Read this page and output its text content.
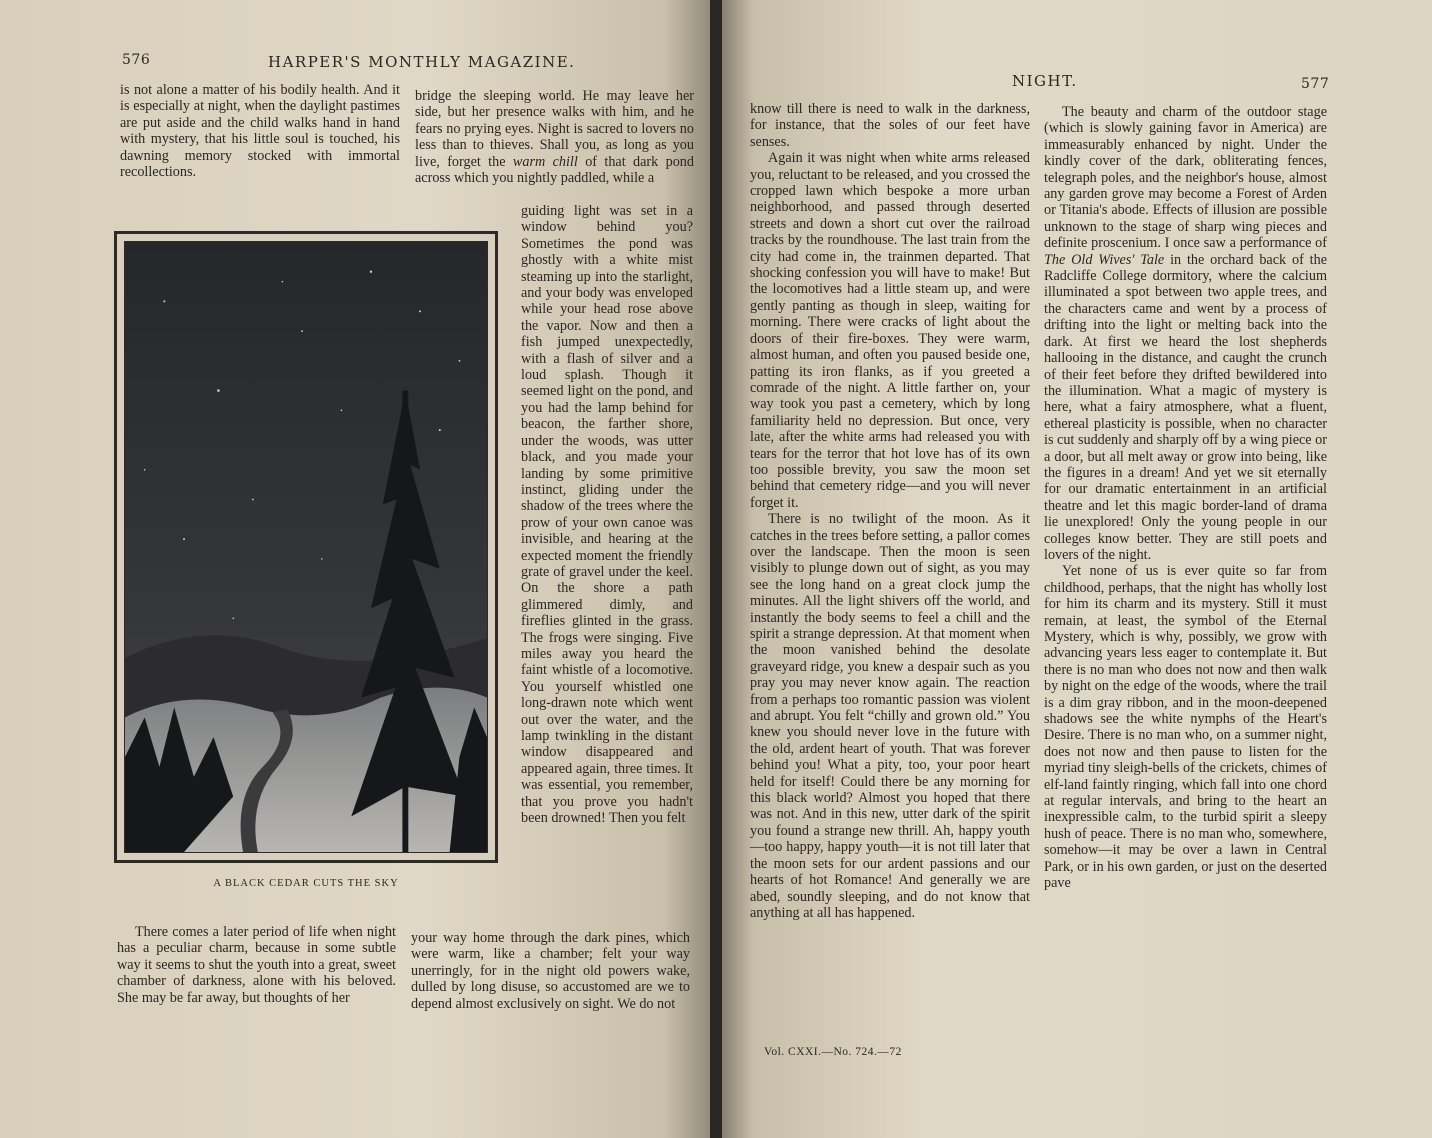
576	HARPER'S MONTHLY MAGAZINE.

is not alone a matter of his bodily health. And it is especially at night, when the daylight pastimes are put aside and the child walks hand in hand with mystery, that his little soul is touched, his dawning memory stocked with immortal recollections.

bridge the sleeping world. He may leave her side, but her presence walks with him, and he fears no prying eyes. Night is sacred to lovers no less than to thieves. Shall you, as long as you live, forget the warm chill of that dark pond across which you nightly paddled, while a

guiding light was set in a window behind you? Sometimes the pond was ghostly with a white mist steaming up into the starlight, and your body was enveloped while your head rose above the vapor. Now and then a fish jumped unexpectedly, with a flash of silver and a loud splash. Though it seemed light on the pond, and you had the lamp behind for beacon, the farther shore, under the woods, was utter black, and you made your landing by some primitive instinct, gliding under the shadow of the trees where the prow of your own canoe was invisible, and hearing at the expected moment the friendly grate of gravel under the keel. On the shore a path glimmered dimly, and fireflies glinted in the grass. The frogs were singing. Five miles away you heard the faint whistle of a locomotive. You yourself whistled one long-drawn note which went out over the water, and the lamp twinkling in the distant window disappeared and appeared again, three times. It was essential, you remember, that you prove you hadn't been drowned! Then you felt

A BLACK CEDAR CUTS THE SKY

There comes a later period of life when night has a peculiar charm, because in some subtle way it seems to shut the youth into a great, sweet chamber of darkness, alone with his beloved. She may be far away, but thoughts of her

your way home through the dark pines, which were warm, like a chamber; felt your way unerringly, for in the night old powers wake, dulled by long disuse, so accustomed are we to depend almost exclusively on sight. We do not

NIGHT.	577

know till there is need to walk in the darkness, for instance, that the soles of our feet have senses.

Again it was night when white arms released you, reluctant to be released, and you crossed the cropped lawn which bespoke a more urban neighborhood, and passed through deserted streets and down a short cut over the railroad tracks by the roundhouse. The last train from the city had come in, the trainmen departed. That shocking confession you will have to make! But the locomotives had a little steam up, and were gently panting as though in sleep, waiting for morning. There were cracks of light about the doors of their fire-boxes. They were warm, almost human, and often you paused beside one, patting its iron flanks, as if you greeted a comrade of the night. A little farther on, your way took you past a cemetery, which by long familiarity held no depression. But once, very late, after the white arms had released you with tears for the terror that hot love has of its own too possible brevity, you saw the moon set behind that cemetery ridge—and you will never forget it.

There is no twilight of the moon. As it catches in the trees before setting, a pallor comes over the landscape. Then the moon is seen visibly to plunge down out of sight, as you may see the long hand on a great clock jump the minutes. All the light shivers off the world, and instantly the body seems to feel a chill and the spirit a strange depression. At that moment when the moon vanished behind the desolate graveyard ridge, you knew a despair such as you pray you may never know again. The reaction from a perhaps too romantic passion was violent and abrupt. You felt “chilly and grown old.” You knew you should never love in the future with the old, ardent heart of youth. That was forever behind you! What a pity, too, your poor heart held for itself! Could there be any morning for this black world? Almost you hoped that there was not. And in this new, utter dark of the spirit you found a strange new thrill. Ah, happy youth—too happy, happy youth—it is not till later that the moon sets for our ardent passions and our hearts of hot Romance! And generally we are abed, soundly sleeping, and do not know that anything at all has happened.

Vol. CXXI.—No. 724.—72

The beauty and charm of the outdoor stage (which is slowly gaining favor in America) are immeasurably enhanced by night. Under the kindly cover of the dark, obliterating fences, telegraph poles, and the neighbor's house, almost any garden grove may become a Forest of Arden or Titania's abode. Effects of illusion are possible unknown to the stage of sharp wing pieces and definite proscenium. I once saw a performance of The Old Wives' Tale in the orchard back of the Radcliffe College dormitory, where the calcium illuminated a spot between two apple trees, and the characters came and went by a process of drifting into the light or melting back into the dark. At first we heard the lost shepherds hallooing in the distance, and caught the crunch of their feet before they drifted bewildered into the illumination. What a magic of mystery is here, what a fairy atmosphere, what a fluent, ethereal plasticity is possible, when no character is cut suddenly and sharply off by a wing piece or a door, but all melt away or grow into being, like the figures in a dream! And yet we sit eternally for our dramatic entertainment in an artificial theatre and let this magic border-land of drama lie unexplored! Only the young people in our colleges know better. They are still poets and lovers of the night.

Yet none of us is ever quite so far from childhood, perhaps, that the night has wholly lost for him its charm and its mystery. Still it must remain, at least, the symbol of the Eternal Mystery, which is why, possibly, we grow with advancing years less eager to contemplate it. But there is no man who does not now and then walk by night on the edge of the woods, where the trail is a dim gray ribbon, and in the moon-deepened shadows see the white nymphs of the Heart's Desire. There is no man who, on a summer night, does not now and then pause to listen for the myriad tiny sleigh-bells of the crickets, chimes of elf-land faintly ringing, which fall into one chord at regular intervals, and bring to the heart an inexpressible calm, to the turbid spirit a sleepy hush of peace. There is no man who, somewhere, somehow—it may be over a lawn in Central Park, or in his own garden, or just on the deserted pave
